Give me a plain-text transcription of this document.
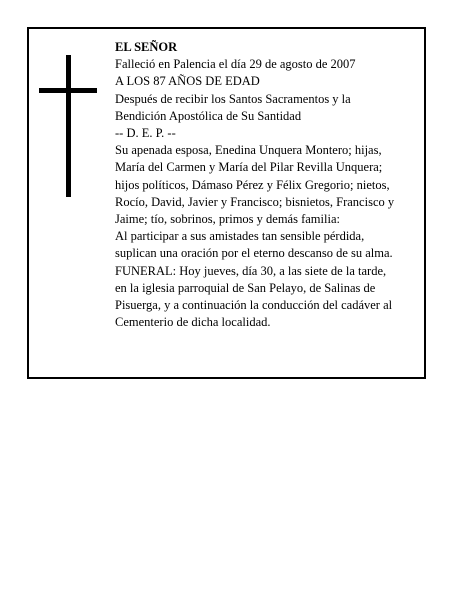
EL SEÑOR
Falleció en Palencia el día 29 de agosto de 2007
A LOS 87 AÑOS DE EDAD
Después de recibir los Santos Sacramentos y la
Bendición Apostólica de Su Santidad
-- D. E. P. --
Su apenada esposa, Enedina Unquera Montero; hijas,
María del Carmen y María del Pilar Revilla Unquera;
hijos políticos, Dámaso Pérez y Félix Gregorio; nietos,
Rocío, David, Javier y Francisco; bisnietos, Francisco y
Jaime; tío, sobrinos, primos y demás familia:
Al participar a sus amistades tan sensible pérdida,
suplican una oración por el eterno descanso de su alma.
FUNERAL: Hoy jueves, día 30, a las siete de la tarde,
en la iglesia parroquial de San Pelayo, de Salinas de
Pisuerga, y a continuación la conducción del cadáver al
Cementerio de dicha localidad.
